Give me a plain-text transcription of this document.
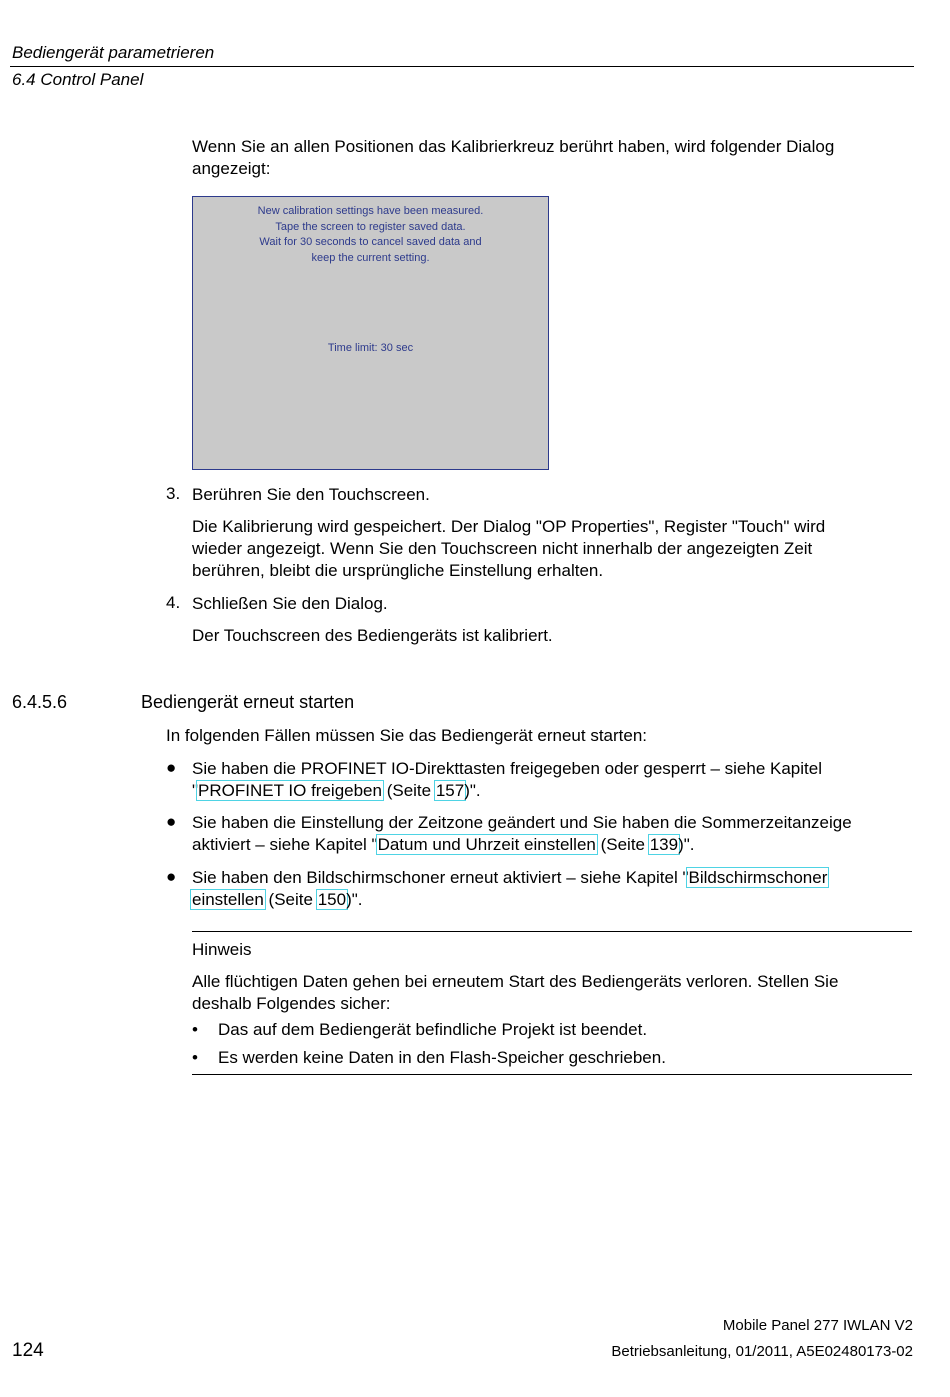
Bediengerät parametrieren
6.4 Control Panel
Wenn Sie an allen Positionen das Kalibrierkreuz berührt haben, wird folgender Dialog
angezeigt:
New calibration settings have been measured.
Tape the screen to register saved data.
Wait for 30 seconds to cancel saved data and
keep the current setting.
Time limit: 30 sec
3. Berühren Sie den Touchscreen.
Die Kalibrierung wird gespeichert. Der Dialog "OP Properties", Register "Touch" wird
wieder angezeigt. Wenn Sie den Touchscreen nicht innerhalb der angezeigten Zeit
berühren, bleibt die ursprüngliche Einstellung erhalten.
4. Schließen Sie den Dialog.
Der Touchscreen des Bediengeräts ist kalibriert.
6.4.5.6	Bediengerät erneut starten
In folgenden Fällen müssen Sie das Bediengerät erneut starten:
● Sie haben die PROFINET IO-Direkttasten freigegeben oder gesperrt – siehe Kapitel
"PROFINET IO freigeben (Seite 157)".
● Sie haben die Einstellung der Zeitzone geändert und Sie haben die Sommerzeitanzeige
aktiviert – siehe Kapitel "Datum und Uhrzeit einstellen (Seite 139)".
● Sie haben den Bildschirmschoner erneut aktiviert – siehe Kapitel "Bildschirmschoner
einstellen (Seite 150)".
Hinweis
Alle flüchtigen Daten gehen bei erneutem Start des Bediengeräts verloren. Stellen Sie
deshalb Folgendes sicher:
• Das auf dem Bediengerät befindliche Projekt ist beendet.
• Es werden keine Daten in den Flash-Speicher geschrieben.
Mobile Panel 277 IWLAN V2
124	Betriebsanleitung, 01/2011, A5E02480173-02
